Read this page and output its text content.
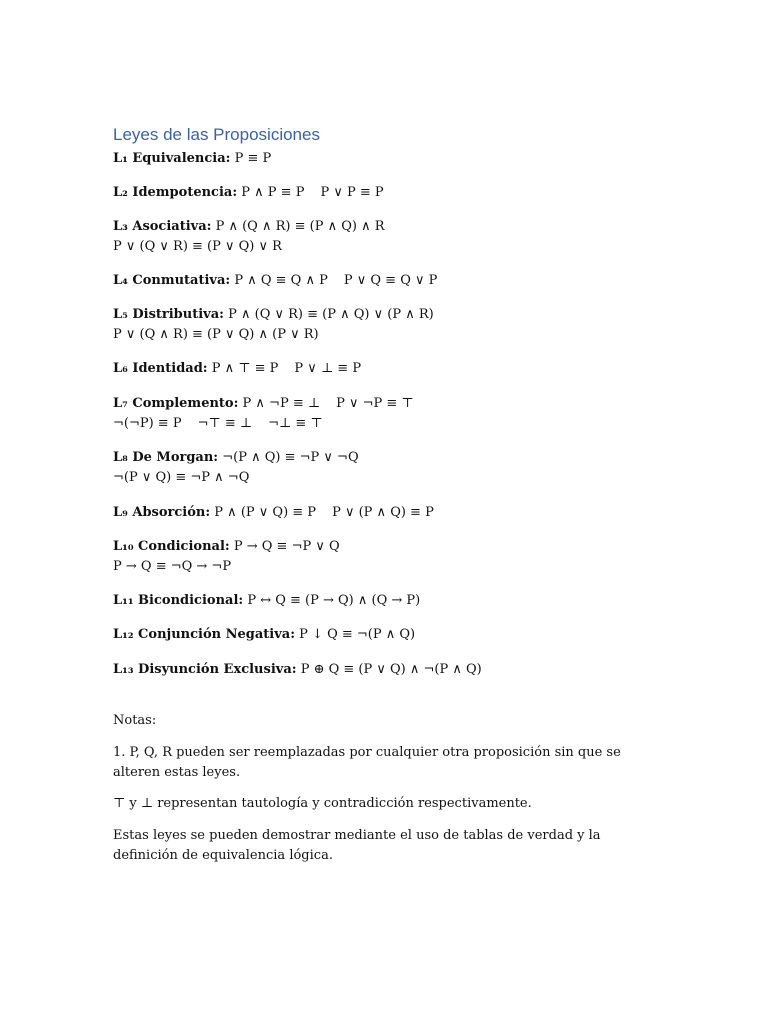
Leyes de las Proposiciones
L₁ Equivalencia: P ≡ P
L₂ Idempotencia: P ∧ P ≡ P P ∨ P ≡ P
L₃ Asociativa: P ∧ (Q ∧ R) ≡ (P ∧ Q) ∧ R
P ∨ (Q ∨ R) ≡ (P ∨ Q) ∨ R
L₄ Conmutativa: P ∧ Q ≡ Q ∧ P P ∨ Q ≡ Q ∨ P
L₅ Distributiva: P ∧ (Q ∨ R) ≡ (P ∧ Q) ∨ (P ∧ R)
P ∨ (Q ∧ R) ≡ (P ∨ Q) ∧ (P ∨ R)
L₆ Identidad: P ∧ ⊤ ≡ P P ∨ ⊥ ≡ P
L₇ Complemento: P ∧ ¬P ≡ ⊥ P ∨ ¬P ≡ ⊤
¬(¬P) ≡ P ¬⊤ ≡ ⊥ ¬⊥ ≡ ⊤
L₈ De Morgan: ¬(P ∧ Q) ≡ ¬P ∨ ¬Q
¬(P ∨ Q) ≡ ¬P ∧ ¬Q
L₉ Absorción: P ∧ (P ∨ Q) ≡ P P ∨ (P ∧ Q) ≡ P
L₁₀ Condicional: P → Q ≡ ¬P ∨ Q
P → Q ≡ ¬Q → ¬P
L₁₁ Bicondicional: P ↔ Q ≡ (P → Q) ∧ (Q → P)
L₁₂ Conjunción Negativa: P ↓ Q ≡ ¬(P ∧ Q)
L₁₃ Disyunción Exclusiva: P ⊕ Q ≡ (P ∨ Q) ∧ ¬(P ∧ Q)
Notas:
1. P, Q, R pueden ser reemplazadas por cualquier otra proposición sin que se alteren estas leyes.
⊤ y ⊥ representan tautología y contradicción respectivamente.
Estas leyes se pueden demostrar mediante el uso de tablas de verdad y la definición de equivalencia lógica.
